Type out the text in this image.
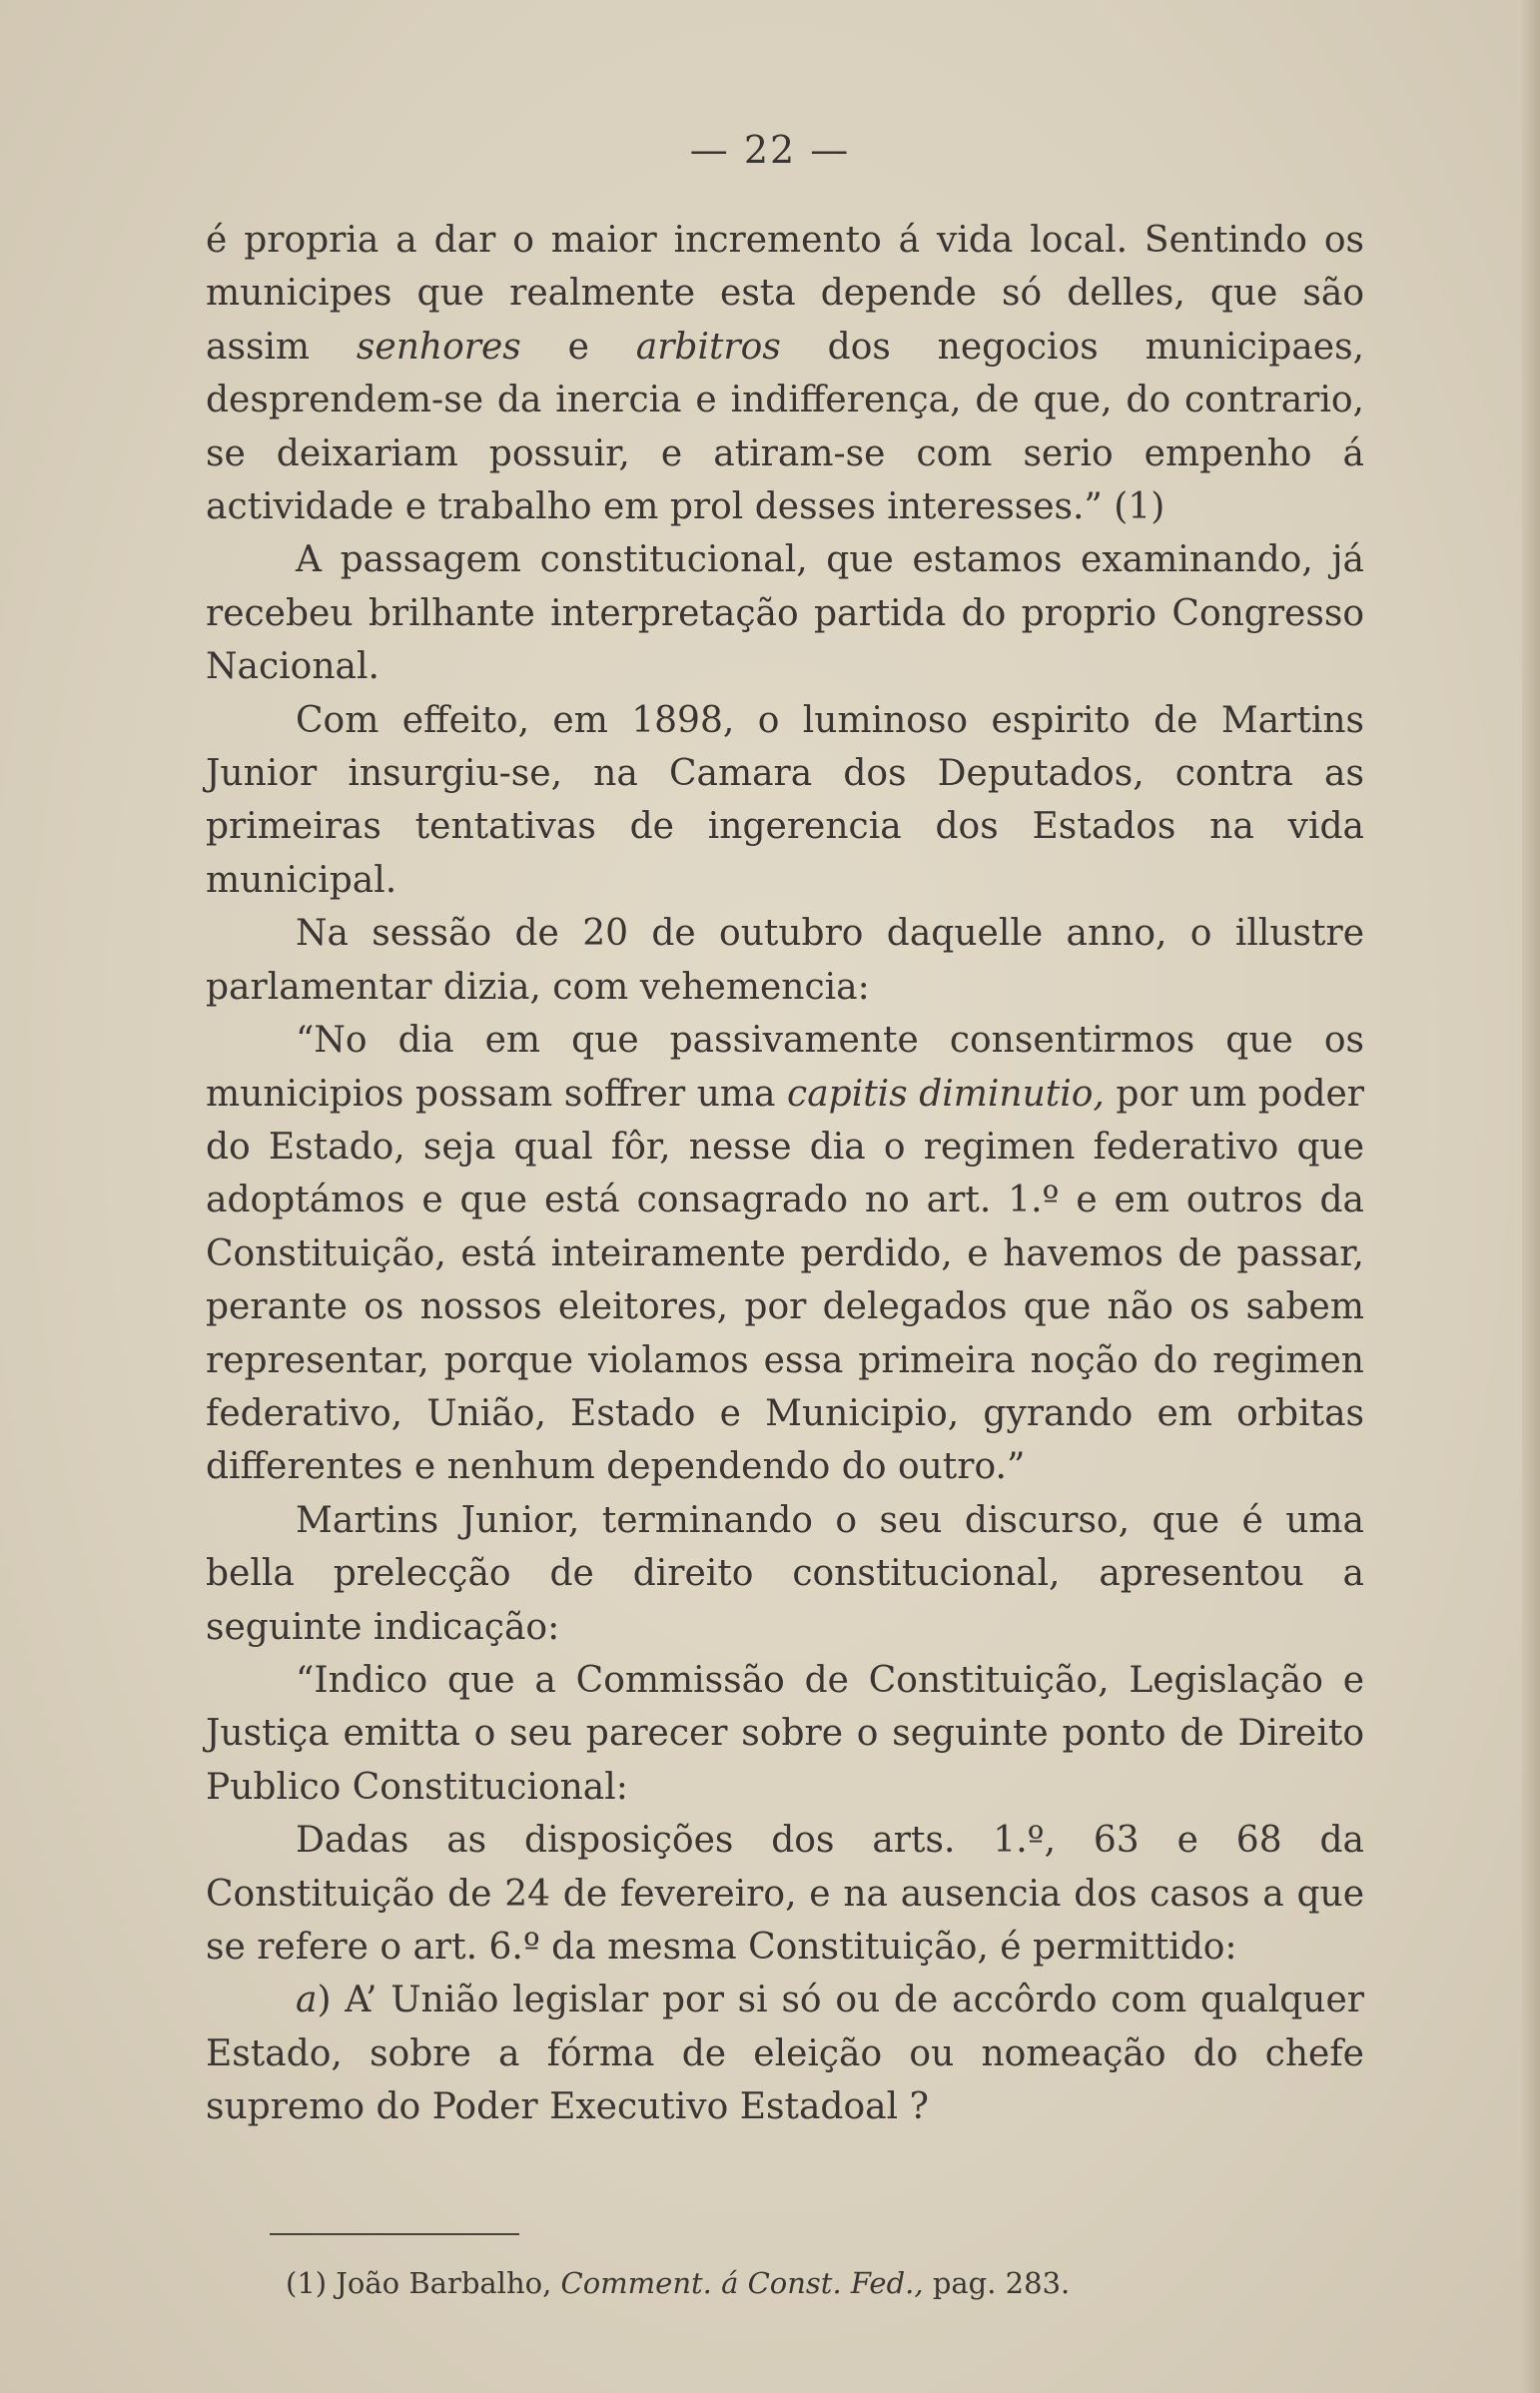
— 22 —

é propria a dar o maior incremento á vida local. Sentindo os municipes que realmente esta depende só delles, que são assim senhores e arbitros dos negocios municipaes, desprendem-se da inercia e indifferença, de que, do contrario, se deixariam possuir, e atiram-se com serio empenho á actividade e trabalho em prol desses interesses.” (1)

A passagem constitucional, que estamos examinando, já recebeu brilhante interpretação partida do proprio Congresso Nacional.

Com effeito, em 1898, o luminoso espirito de Martins Junior insurgiu-se, na Camara dos Deputados, contra as primeiras tentativas de ingerencia dos Estados na vida municipal.

Na sessão de 20 de outubro daquelle anno, o illustre parlamentar dizia, com vehemencia:

“No dia em que passivamente consentirmos que os municipios possam soffrer uma capitis diminutio, por um poder do Estado, seja qual fôr, nesse dia o regimen federativo que adoptámos e que está consagrado no art. 1.º e em outros da Constituição, está inteiramente perdido, e havemos de passar, perante os nossos eleitores, por delegados que não os sabem representar, porque violamos essa primeira noção do regimen federativo, União, Estado e Municipio, gyrando em orbitas differentes e nenhum dependendo do outro.”

Martins Junior, terminando o seu discurso, que é uma bella prelecção de direito constitucional, apresentou a seguinte indicação:

“Indico que a Commissão de Constituição, Legislação e Justiça emitta o seu parecer sobre o seguinte ponto de Direito Publico Constitucional:

Dadas as disposições dos arts. 1.º, 63 e 68 da Constituição de 24 de fevereiro, e na ausencia dos casos a que se refere o art. 6.º da mesma Constituição, é permittido:

a) A’ União legislar por si só ou de accôrdo com qualquer Estado, sobre a fórma de eleição ou nomeação do chefe supremo do Poder Executivo Estadoal ?

(1) João Barbalho, Comment. á Const. Fed., pag. 283.
